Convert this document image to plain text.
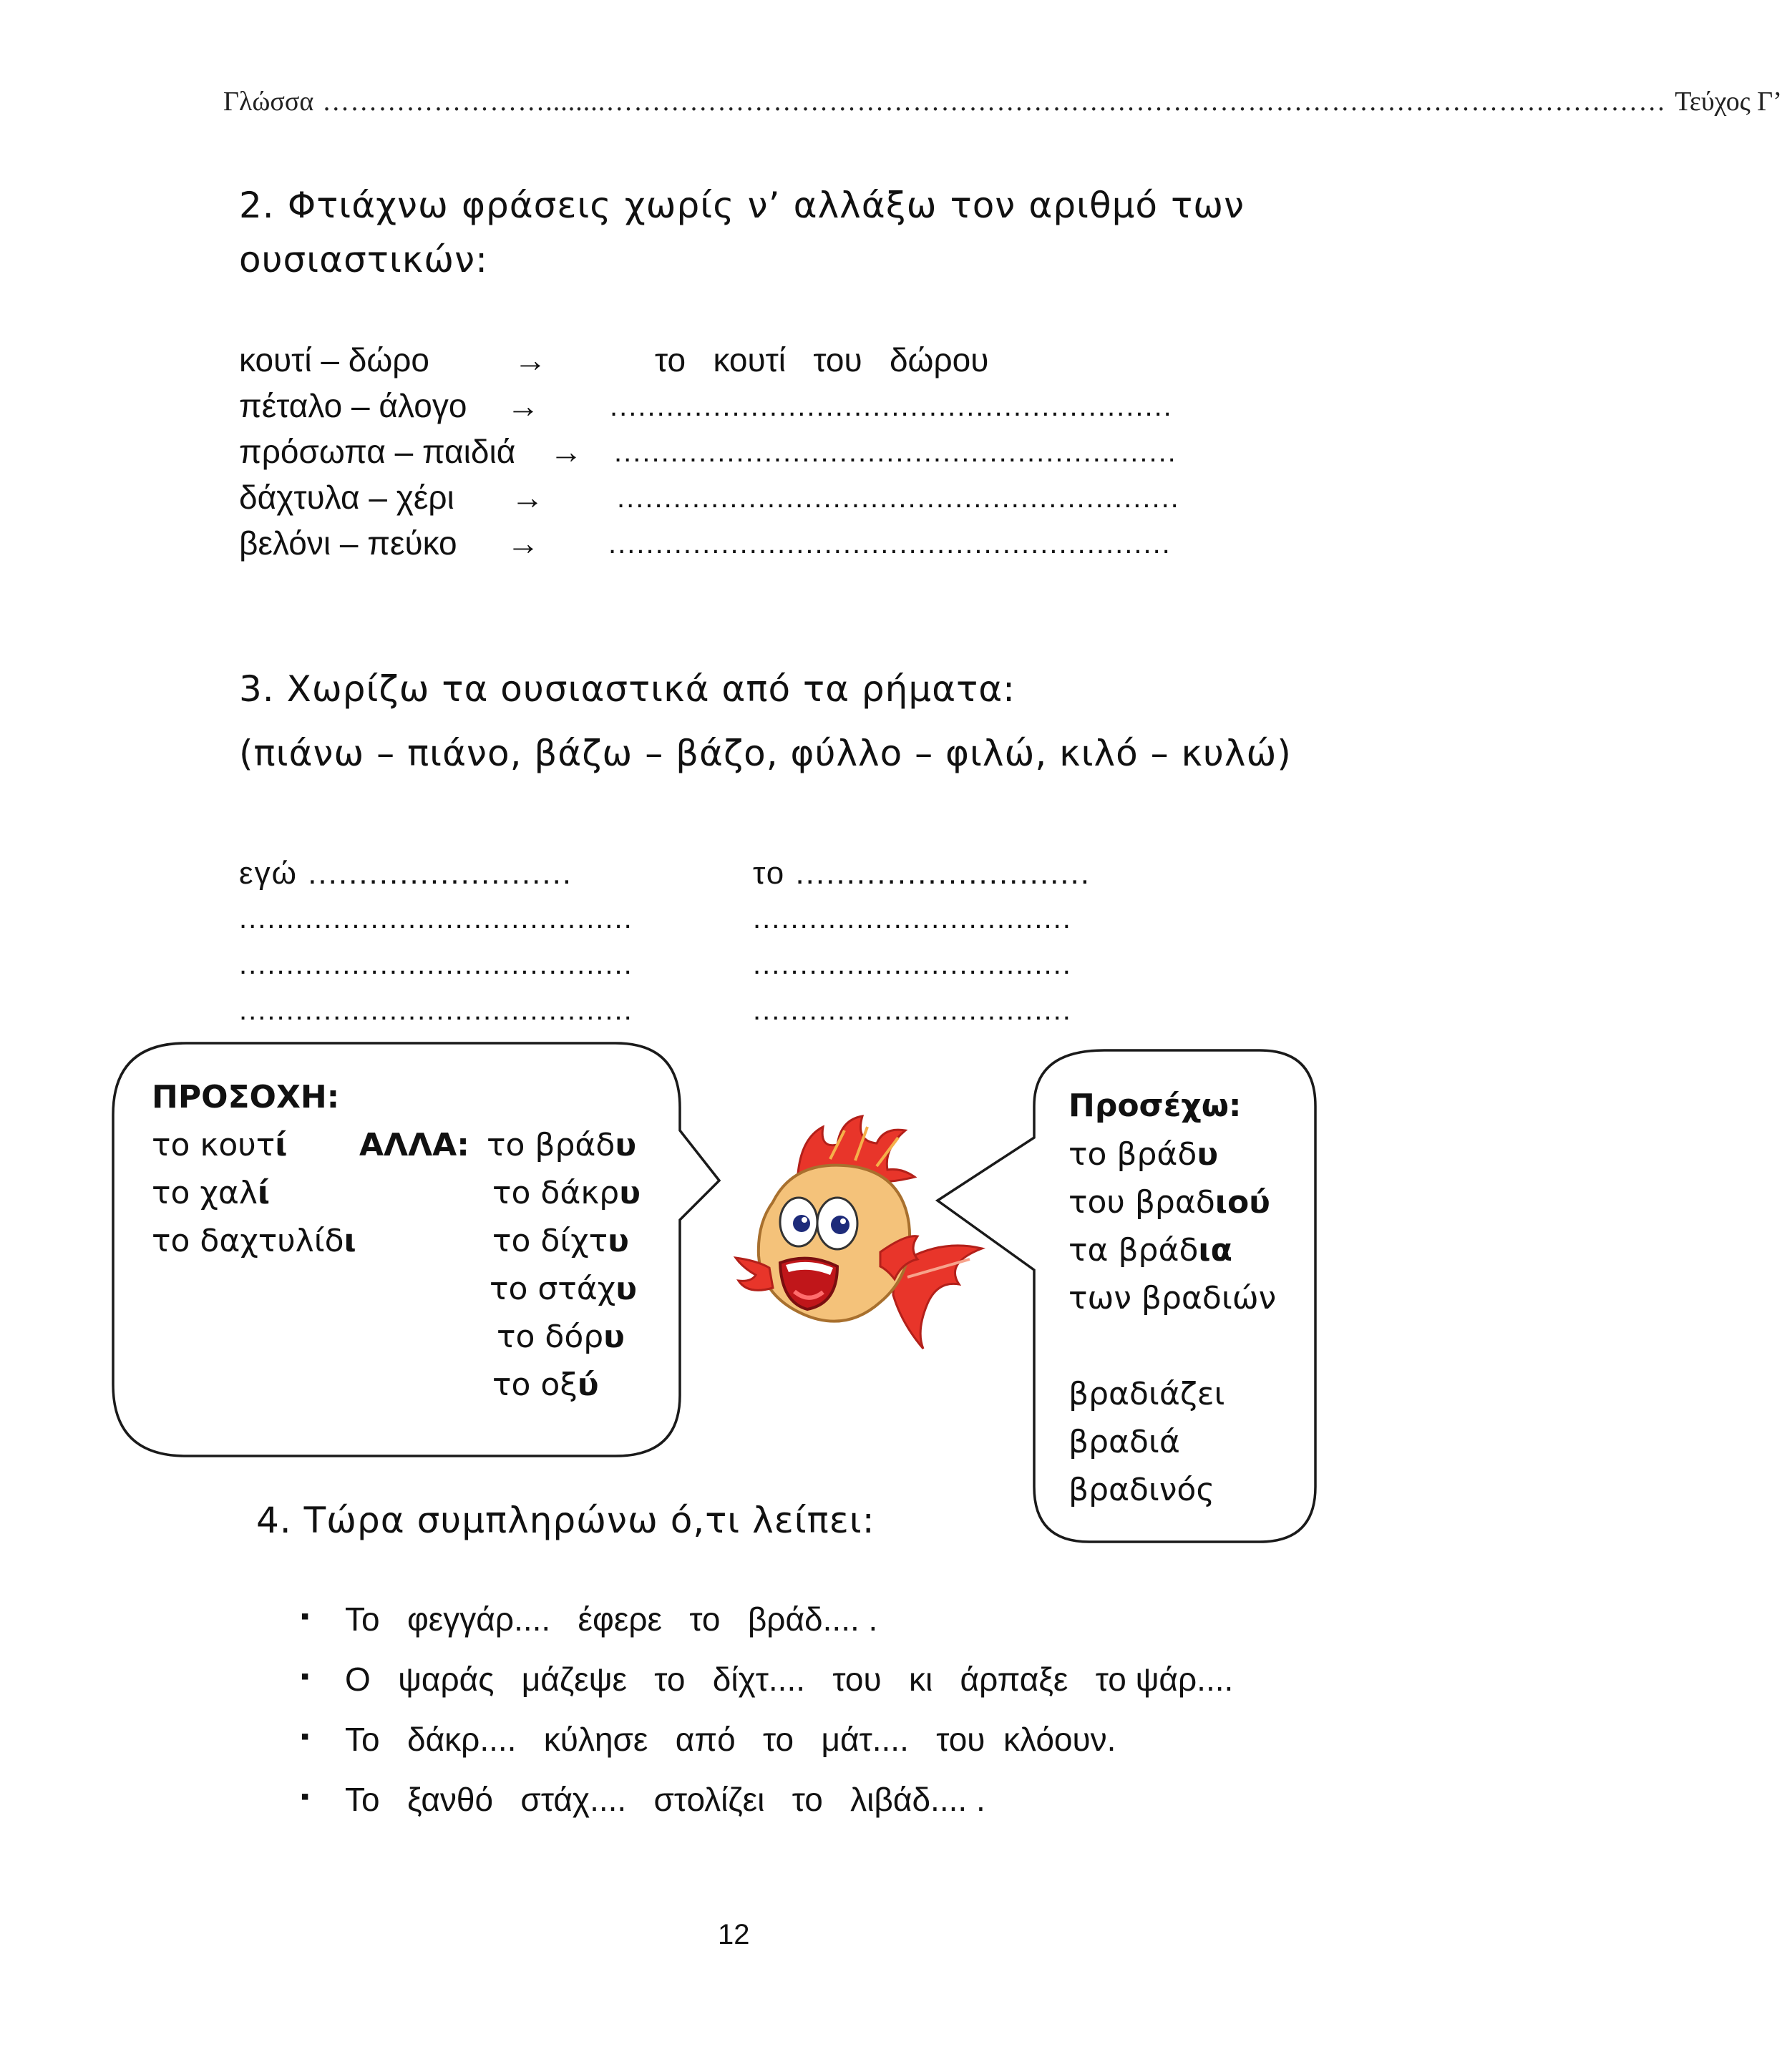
Γλώσσα ……………………........…………………………………………………………………………………………………… Τεύχος Γ’
2. Φτιάχνω φράσεις χωρίς ν’ αλλάξω τον αριθμό των
ουσιαστικών:
κουτί – δώρο	→	το   κουτί   του   δώρου
πέταλο – άλογο → ............................................................
πρόσωπα – παιδιά → ............................................................
δάχτυλα – χέρι →	............................................................
βελόνι – πεύκο → ............................................................
3. Χωρίζω τα ουσιαστικά από τα ρήματα:
(πιάνω – πιάνο, βάζω – βάζο, φύλλο – φιλώ, κιλό – κυλώ)
εγώ ..........................	το .............................
..........................................	..................................
..........................................	..................................
..........................................	..................................
ΠΡΟΣΟΧΗ:
ΑΛΛΑ:
το κουτί
το χαλί
το δαχτυλίδι
το βράδυ
το δάκρυ
το δίχτυ
το στάχυ
το δόρυ
το οξύ
Προσέχω:
το βράδυ
του βραδιού
τα βράδια
των βραδιών
βραδιάζει
βραδιά
βραδινός
4. Τώρα συμπληρώνω ό,τι λείπει:
▪ Το   φεγγάρ....   έφερε   το   βράδ.... .
▪ Ο   ψαράς   μάζεψε   το   δίχτ....   του   κι   άρπαξε   το ψάρ....
▪ Το   δάκρ....   κύλησε   από   το   μάτ....   του  κλόουν.
▪ Το   ξανθό   στάχ....   στολίζει   το   λιβάδ.... .
12
